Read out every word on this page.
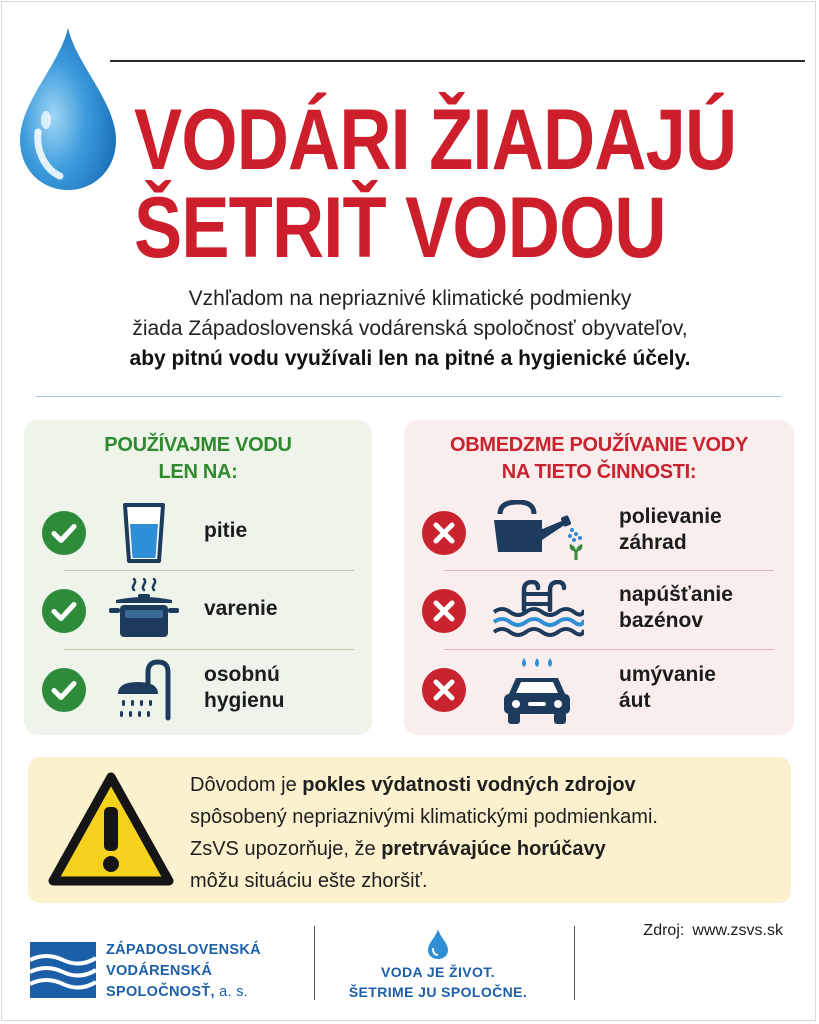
VODÁRI ŽIADAJÚ
ŠETRIŤ VODOU

Vzhľadom na nepriaznivé klimatické podmienky

žiada Západoslovenská vodárenská spoločnosť obyvateľov,

aby pitnú vodu využívali len na pitné a hygienické účely.

POUŽÍVAJME VODU
LEN NA:
pitie
varenie
osobnú
hygienu
OBMEDZME POUŽÍVANIE VODY
NA TIETO ČINNOSTI:
polievanie
záhrad
napúšťanie
bazénov
umývanie
áut

Dôvodom je pokles výdatnosti vodných zdrojov

spôsobený nepriaznivými klimatickými podmienkami.

ZsVS upozorňuje, že pretrvávajúce horúčavy

môžu situáciu ešte zhoršiť.

Zdroj: www.zsvs.sk
ZÁPADOSLOVENSKÁ
VODÁRENSKÁ
SPOLOČNOSŤ, a. s.
VODA JE ŽIVOT.
ŠETRIME JU SPOLOČNE.
